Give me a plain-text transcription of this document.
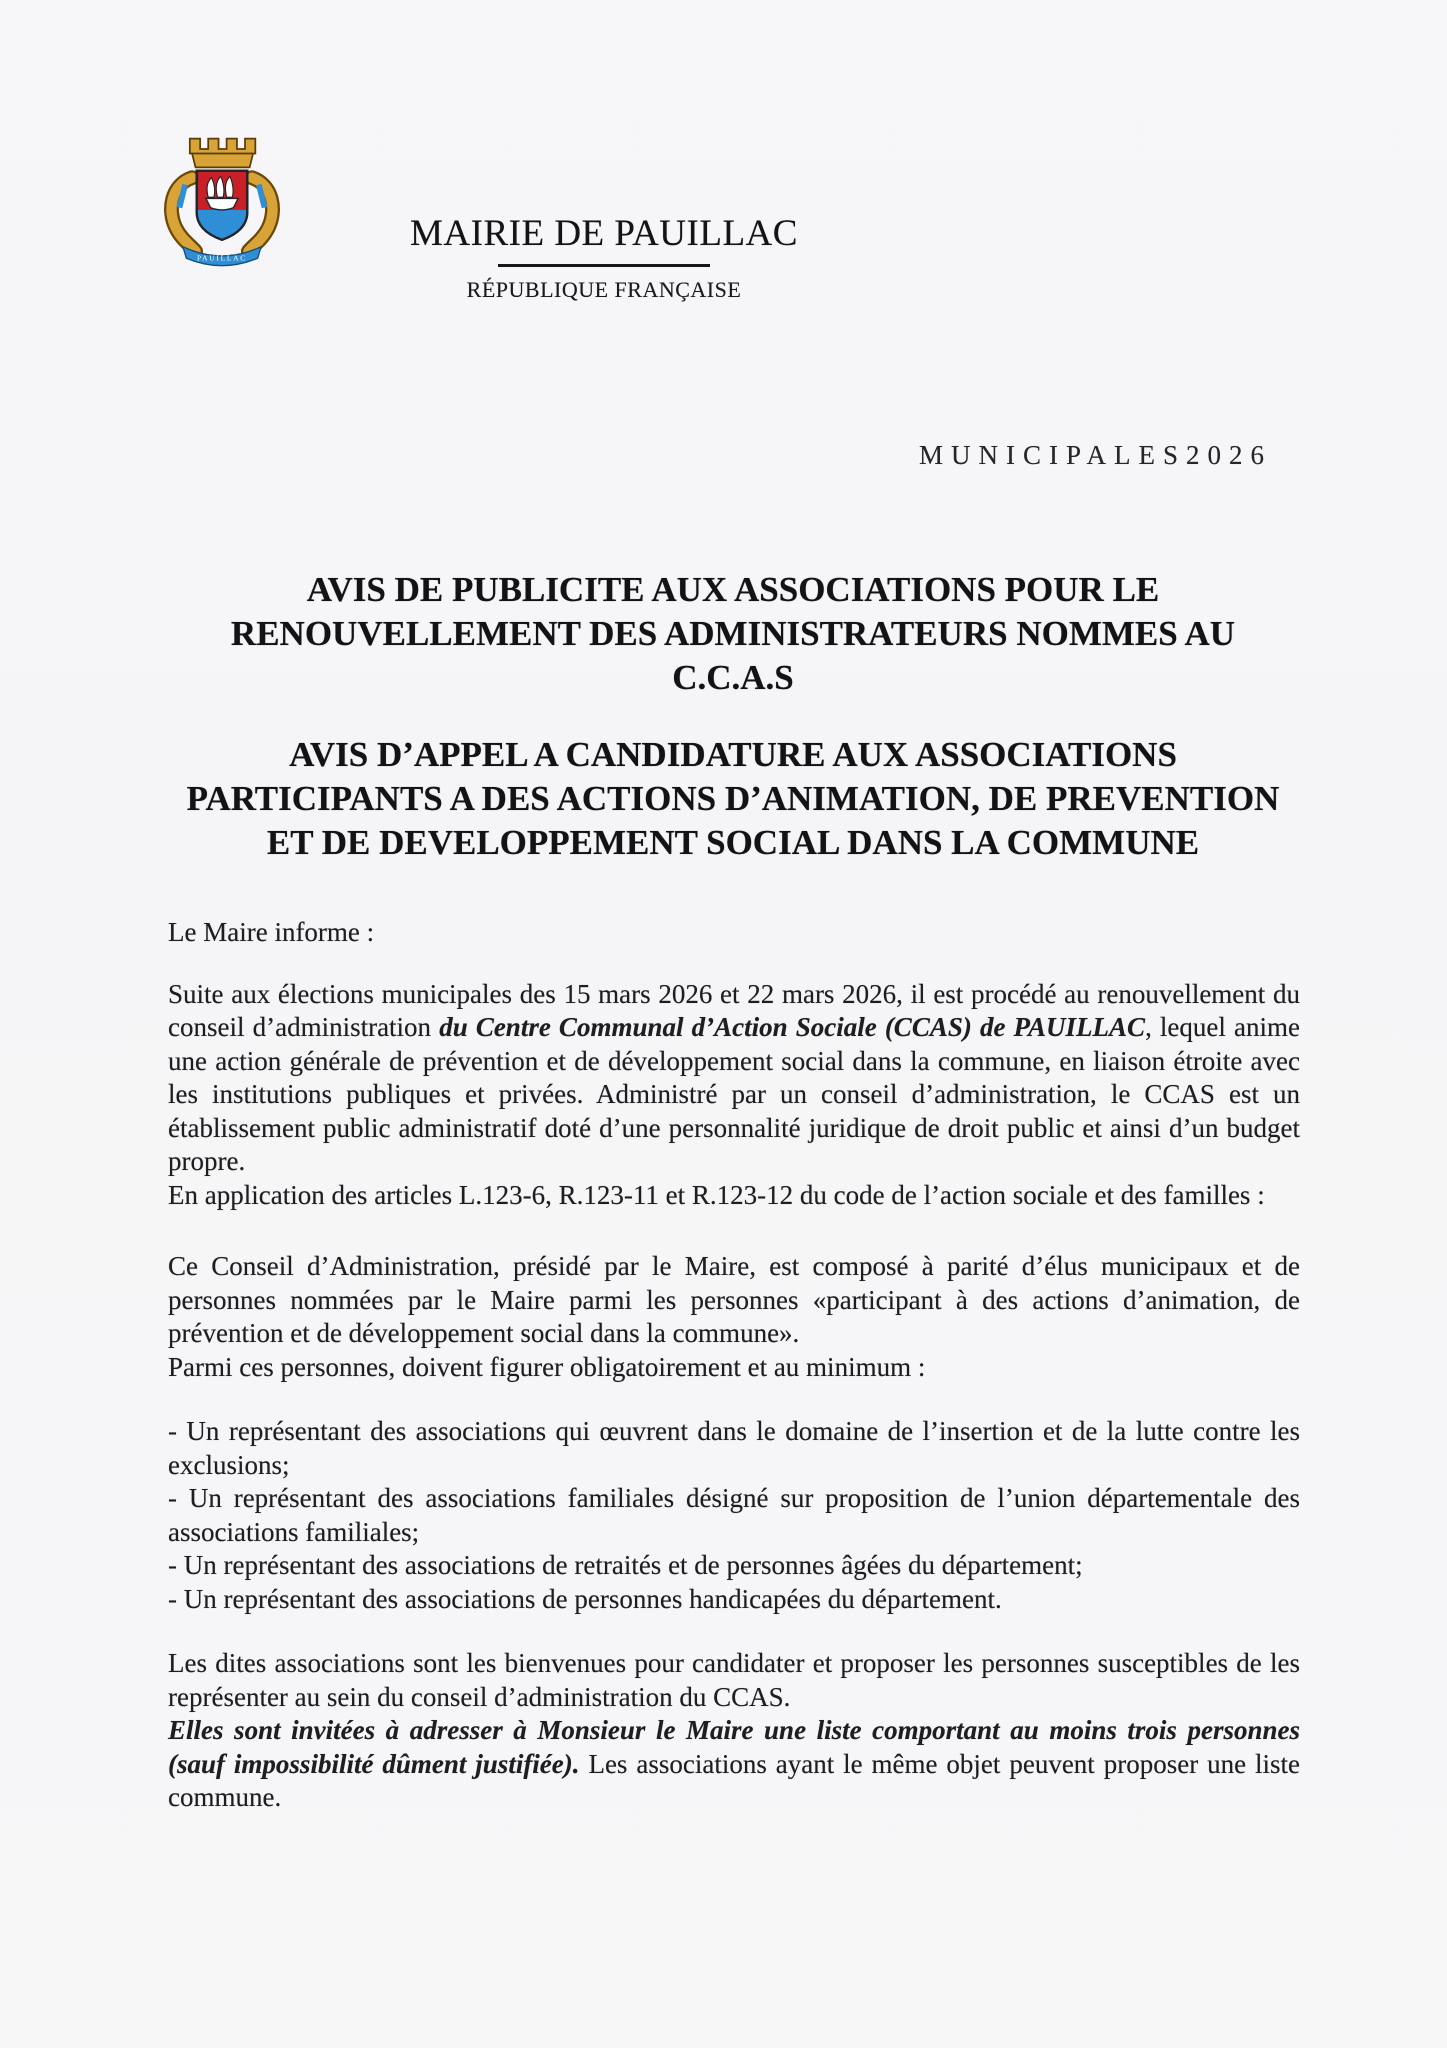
PAUILLAC
MAIRIE DE PAUILLAC
RÉPUBLIQUE FRANÇAISE
MUNICIPALES2026
AVIS DE PUBLICITE AUX ASSOCIATIONS POUR LE
RENOUVELLEMENT DES ADMINISTRATEURS NOMMES AU
C.C.A.S
AVIS D’APPEL A CANDIDATURE AUX ASSOCIATIONS
PARTICIPANTS A DES ACTIONS D’ANIMATION, DE PREVENTION
ET DE DEVELOPPEMENT SOCIAL DANS LA COMMUNE

Le Maire informe :

Suite aux élections municipales des 15 mars 2026 et 22 mars 2026, il est procédé au renouvellement du conseil d’administration du Centre Communal d’Action Sociale (CCAS) de PAUILLAC, lequel anime une action générale de prévention et de développement social dans la commune, en liaison étroite avec les institutions publiques et privées. Administré par un conseil d’administration, le CCAS est un établissement public administratif doté d’une personnalité juridique de droit public et ainsi d’un budget propre.

En application des articles L.123-6, R.123-11 et R.123-12 du code de l’action sociale et des familles :

Ce Conseil d’Administration, présidé par le Maire, est composé à parité d’élus municipaux et de personnes nommées par le Maire parmi les personnes «participant à des actions d’animation, de prévention et de développement social dans la commune».

Parmi ces personnes, doivent figurer obligatoirement et au minimum :

- Un représentant des associations qui œuvrent dans le domaine de l’insertion et de la lutte contre les exclusions;

- Un représentant des associations familiales désigné sur proposition de l’union départementale des associations familiales;

- Un représentant des associations de retraités et de personnes âgées du département;

- Un représentant des associations de personnes handicapées du département.

Les dites associations sont les bienvenues pour candidater et proposer les personnes susceptibles de les représenter au sein du conseil d’administration du CCAS.

Elles sont invitées à adresser à Monsieur le Maire une liste comportant au moins trois personnes (sauf impossibilité dûment justifiée). Les associations ayant le même objet peuvent proposer une liste commune.
